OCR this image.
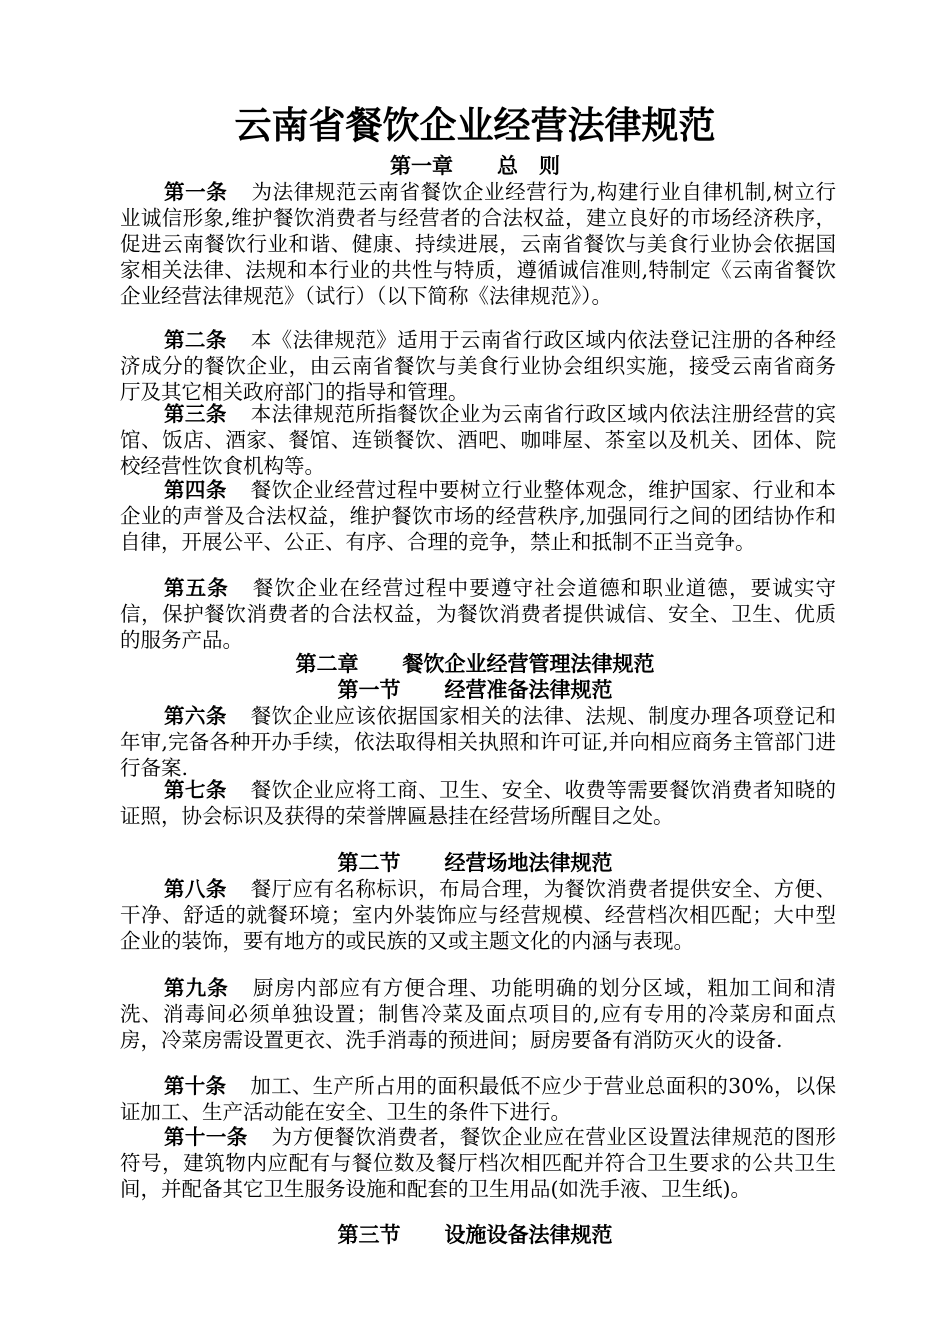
云南省餐饮企业经营法律规范

第一章 总　则

第一条 为法律规范云南省餐饮企业经营行为,构建行业自律机制,树立行业诚信形象,维护餐饮消费者与经营者的合法权益，建立良好的市场经济秩序，促进云南餐饮行业和谐、健康、持续进展，云南省餐饮与美食行业协会依据国家相关法律、法规和本行业的共性与特质，遵循诚信准则,特制定《云南省餐饮企业经营法律规范》（试行）（以下简称《法律规范》）。

第二条 本《法律规范》适用于云南省行政区域内依法登记注册的各种经济成分的餐饮企业，由云南省餐饮与美食行业协会组织实施，接受云南省商务厅及其它相关政府部门的指导和管理。

第三条 本法律规范所指餐饮企业为云南省行政区域内依法注册经营的宾馆、饭店、酒家、餐馆、连锁餐饮、酒吧、咖啡屋、茶室以及机关、团体、院校经营性饮食机构等。

第四条 餐饮企业经营过程中要树立行业整体观念，维护国家、行业和本企业的声誉及合法权益，维护餐饮市场的经营秩序,加强同行之间的团结协作和自律，开展公平、公正、有序、合理的竞争，禁止和抵制不正当竞争。

第五条 餐饮企业在经营过程中要遵守社会道德和职业道德，要诚实守信，保护餐饮消费者的合法权益，为餐饮消费者提供诚信、安全、卫生、优质的服务产品。

第二章 餐饮企业经营管理法律规范

第一节 经营准备法律规范

第六条 餐饮企业应该依据国家相关的法律、法规、制度办理各项登记和年审,完备各种开办手续，依法取得相关执照和许可证,并向相应商务主管部门进行备案.

第七条 餐饮企业应将工商、卫生、安全、收费等需要餐饮消费者知晓的证照，协会标识及获得的荣誉牌匾悬挂在经营场所醒目之处。

第二节 经营场地法律规范

第八条 餐厅应有名称标识，布局合理，为餐饮消费者提供安全、方便、干净、舒适的就餐环境；室内外装饰应与经营规模、经营档次相匹配；大中型企业的装饰，要有地方的或民族的又或主题文化的内涵与表现。

第九条 厨房内部应有方便合理、功能明确的划分区域，粗加工间和清洗、消毒间必须单独设置；制售冷菜及面点项目的,应有专用的冷菜房和面点房，冷菜房需设置更衣、洗手消毒的预进间；厨房要备有消防灭火的设备.

第十条 加工、生产所占用的面积最低不应少于营业总面积的30%，以保证加工、生产活动能在安全、卫生的条件下进行。

第十一条 为方便餐饮消费者，餐饮企业应在营业区设置法律规范的图形符号，建筑物内应配有与餐位数及餐厅档次相匹配并符合卫生要求的公共卫生间，并配备其它卫生服务设施和配套的卫生用品(如洗手液、卫生纸)。

第三节 设施设备法律规范
